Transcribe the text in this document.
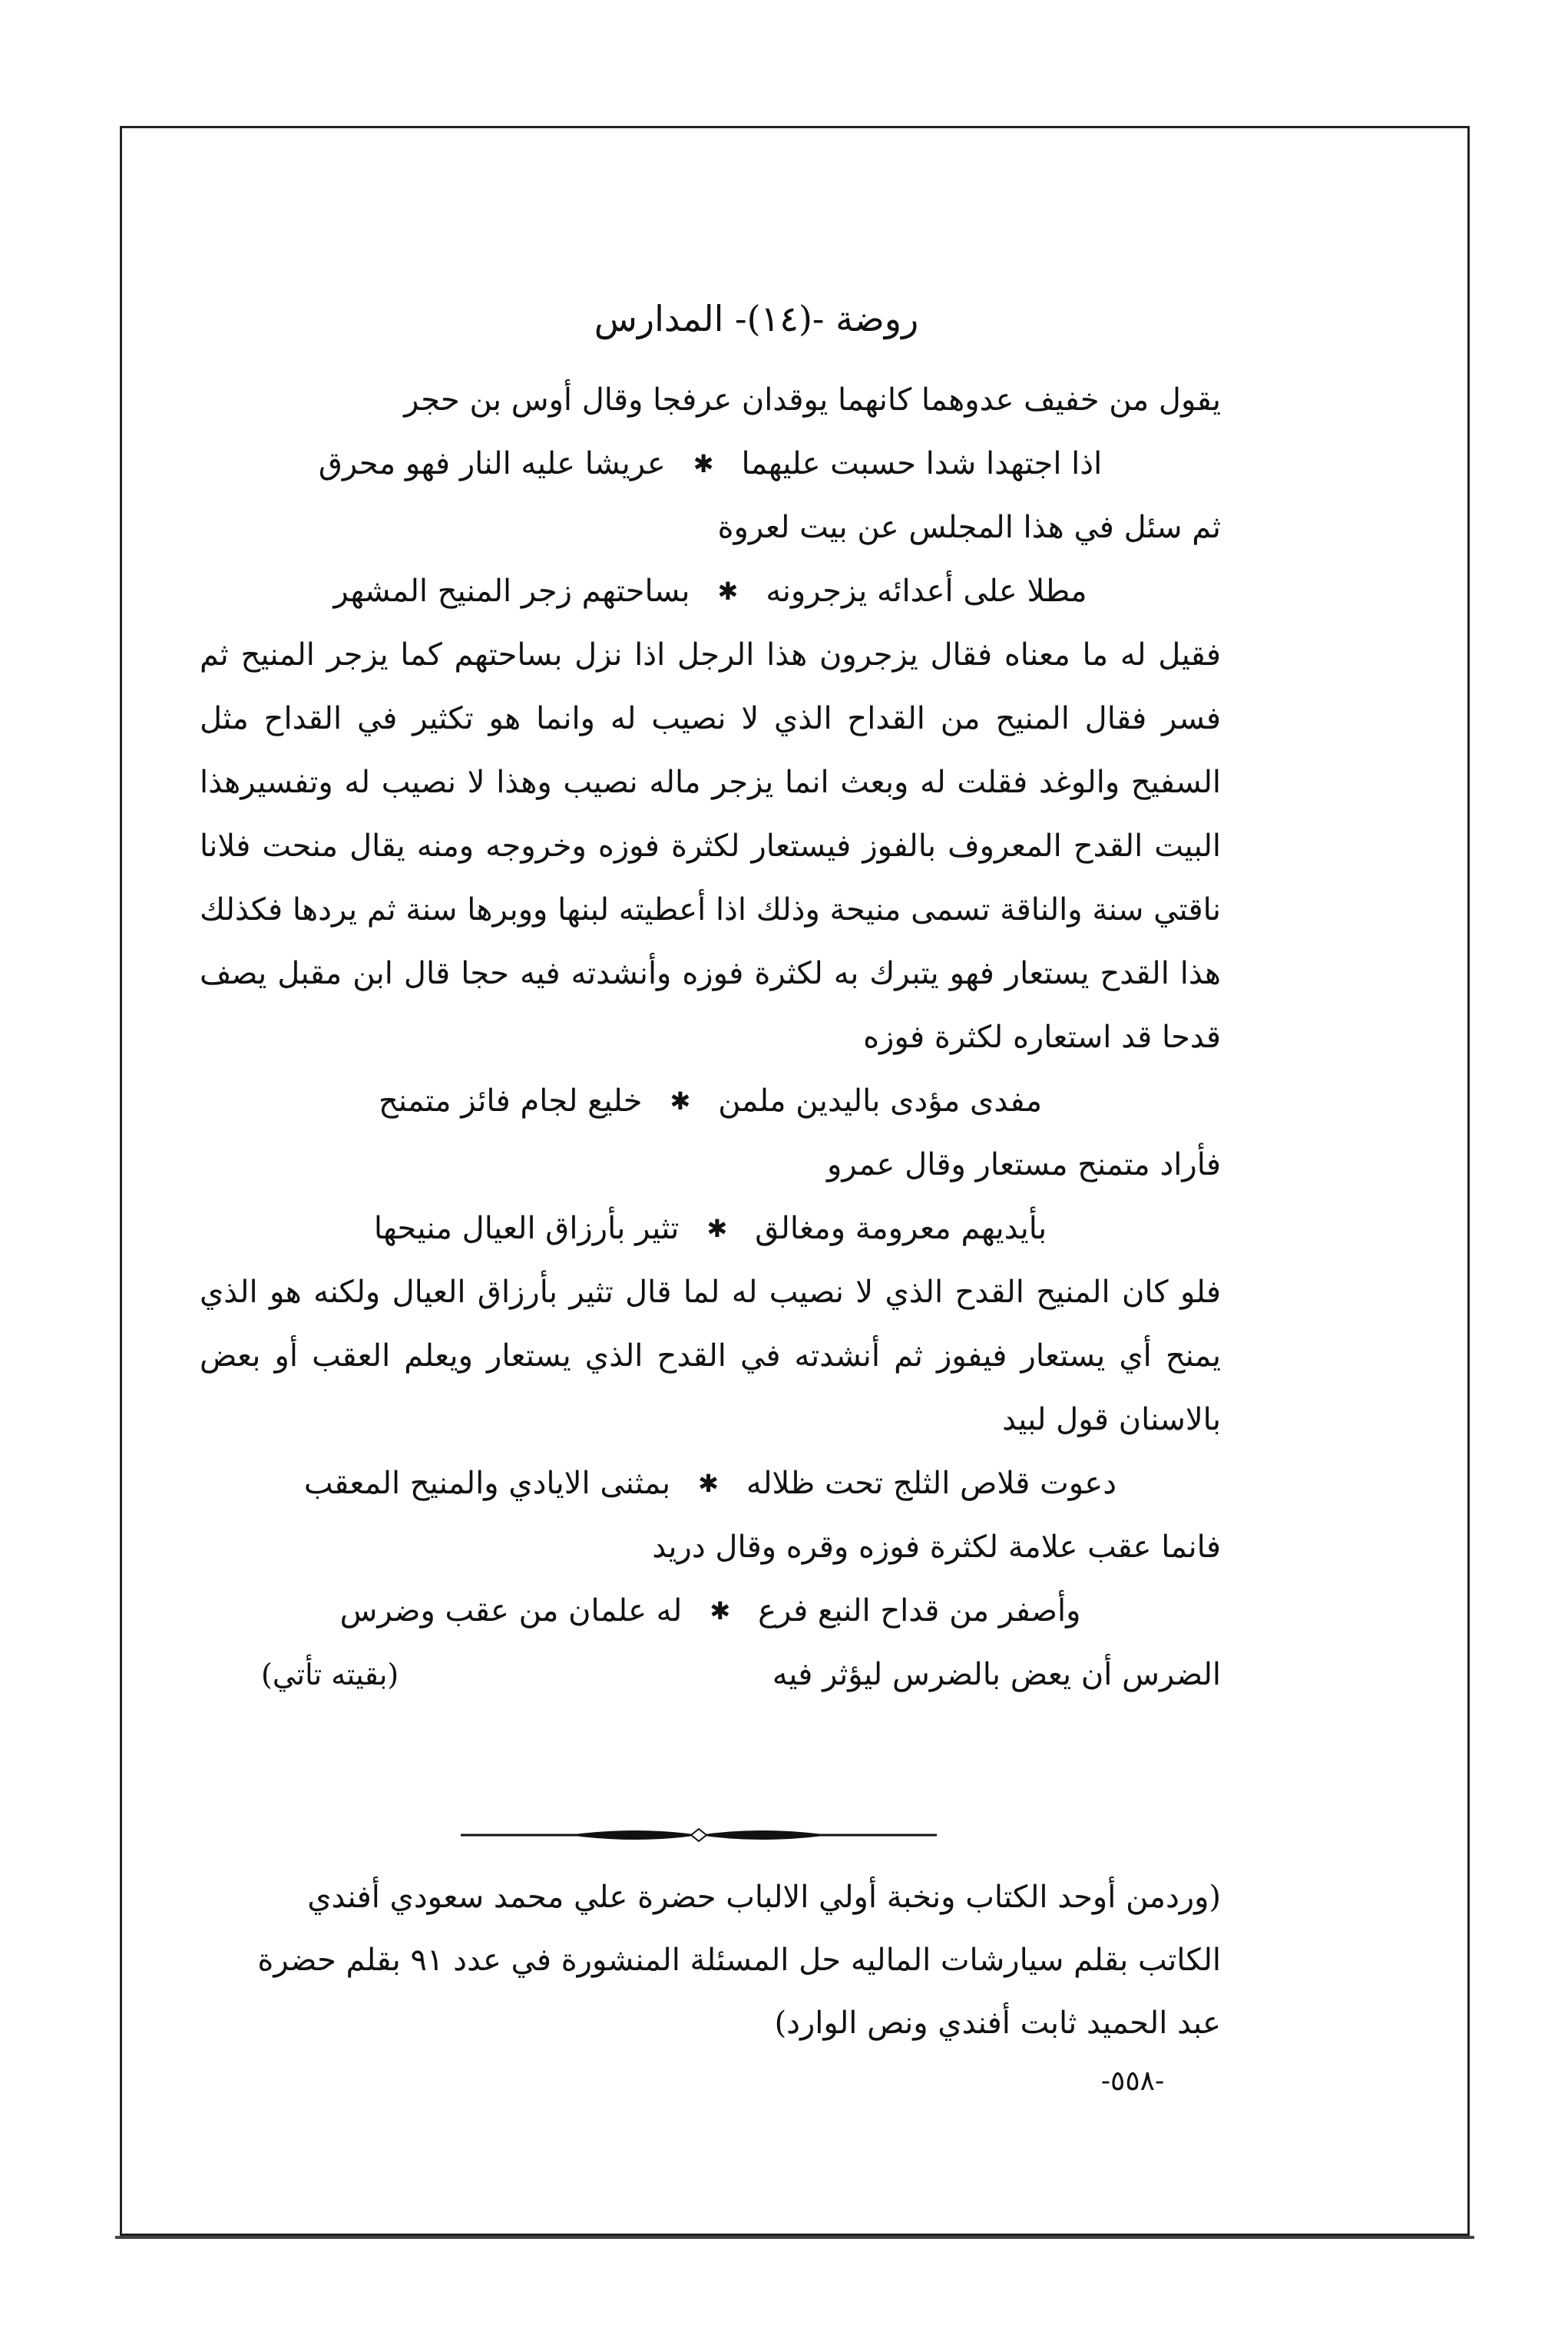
روضة -(١٤)- المدارس

يقول من خفيف عدوهما كانهما يوقدان عرفجا وقال أوس بن حجر

اذا اجتهدا شدا حسبت عليهما
✱
عريشا عليه النار فهو محرق

ثم سئل في هذا المجلس عن بيت لعروة

مطلا على أعدائه يزجرونه
✱
بساحتهم زجر المنيح المشهر

فقيل له ما معناه فقال يزجرون هذا الرجل اذا نزل بساحتهم كما يزجر المنيح ثم فسر فقال المنيح من القداح الذي لا نصيب له وانما هو تكثير في القداح مثل السفيح والوغد فقلت له وبعث انما يزجر ماله نصيب وهذا لا نصيب له وتفسيرهذا البيت القدح المعروف بالفوز فيستعار لكثرة فوزه وخروجه ومنه يقال منحت فلانا ناقتي سنة والناقة تسمى منيحة وذلك اذا أعطيته لبنها ووبرها سنة ثم يردها فكذلك هذا القدح يستعار فهو يتبرك به لكثرة فوزه وأنشدته فيه حجا قال ابن مقبل يصف قدحا قد استعاره لكثرة فوزه

مفدى مؤدى باليدين ملمن
✱
خليع لجام فائز متمنح

فأراد متمنح مستعار وقال عمرو

بأيديهم معرومة ومغالق
✱
تثير بأرزاق العيال منيحها

فلو كان المنيح القدح الذي لا نصيب له لما قال تثير بأرزاق العيال ولكنه هو الذي يمنح أي يستعار فيفوز ثم أنشدته في القدح الذي يستعار ويعلم العقب أو بعض بالاسنان قول لبيد

دعوت قلاص الثلج تحت ظلاله
✱
بمثنى الايادي والمنيح المعقب

فانما عقب علامة لكثرة فوزه وقره وقال دريد

وأصفر من قداح النبع فرع
✱
له علمان من عقب وضرس
الضرس أن يعض بالضرس ليؤثر فيه
(بقيته تأتي)
(وردمن أوحد الكتاب ونخبة أولي الالباب حضرة علي محمد سعودي أفندي
الكاتب بقلم سيارشات الماليه حل المسئلة المنشورة في عدد ٩١ بقلم حضرة
عبد الحميد ثابت أفندي ونص الوارد)
-٥٥٨-
